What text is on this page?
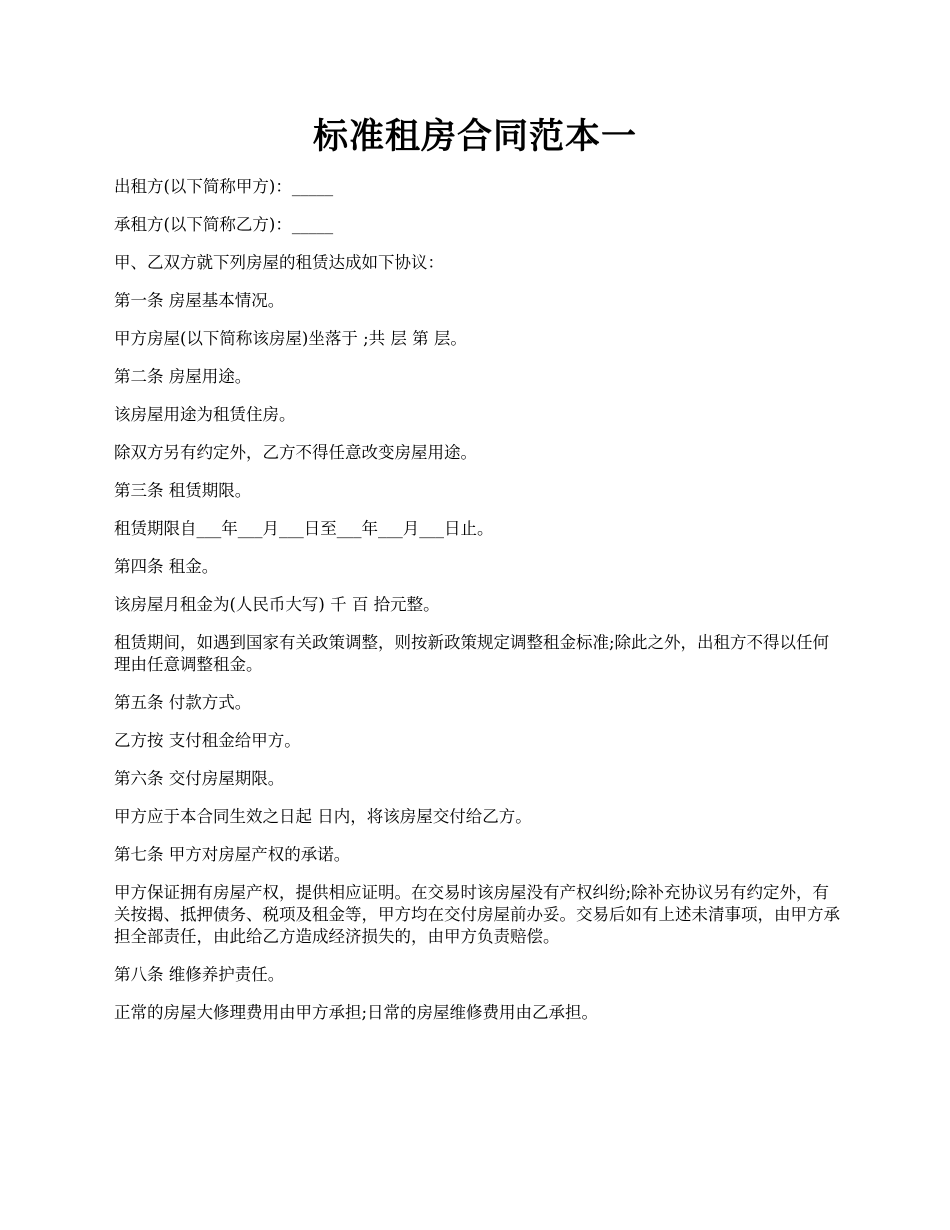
标准租房合同范本一

出租方(以下简称甲方)：_____

承租方(以下简称乙方)：_____

甲、乙双方就下列房屋的租赁达成如下协议：

第一条 房屋基本情况。

甲方房屋(以下简称该房屋)坐落于 ;共 层 第 层。

第二条 房屋用途。

该房屋用途为租赁住房。

除双方另有约定外，乙方不得任意改变房屋用途。

第三条 租赁期限。

租赁期限自___年___月___日至___年___月___日止。

第四条 租金。

该房屋月租金为(人民币大写) 千 百 拾元整。

租赁期间，如遇到国家有关政策调整，则按新政策规定调整租金标准;除此之外，出租方不得以任何理由任意调整租金。

第五条 付款方式。

乙方按 支付租金给甲方。

第六条 交付房屋期限。

甲方应于本合同生效之日起 日内，将该房屋交付给乙方。

第七条 甲方对房屋产权的承诺。

甲方保证拥有房屋产权，提供相应证明。在交易时该房屋没有产权纠纷;除补充协议另有约定外，有关按揭、抵押债务、税项及租金等，甲方均在交付房屋前办妥。交易后如有上述未清事项，由甲方承担全部责任，由此给乙方造成经济损失的，由甲方负责赔偿。

第八条 维修养护责任。

正常的房屋大修理费用由甲方承担;日常的房屋维修费用由乙承担。
